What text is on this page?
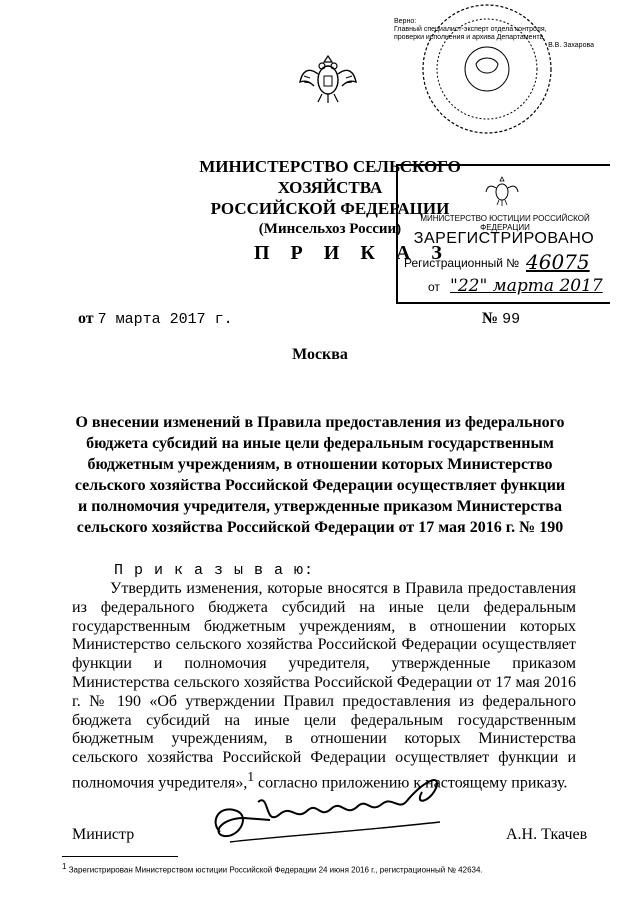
Верно:
Главный специалист-эксперт отдела контроля,
проверки исполнения и архива Департамента
В.В. Захарова
МИНИСТЕРСТВО СЕЛЬСКОГО ХОЗЯЙСТВА
РОССИЙСКОЙ ФЕДЕРАЦИИ
(Минсельхоз России)
МИНИСТЕРСТВО ЮСТИЦИИ РОССИЙСКОЙ ФЕДЕРАЦИИ
ЗАРЕГИСТРИРОВАНО
Регистрационный № 46075
от "22" марта 2017
П Р И К А З
от 7 марта 2017 г.	№ 99
Москва
О внесении изменений в Правила предоставления из федерального бюджета субсидий на иные цели федеральным государственным бюджетным учреждениям, в отношении которых Министерство сельского хозяйства Российской Федерации осуществляет функции и полномочия учредителя, утвержденные приказом Министерства сельского хозяйства Российской Федерации от 17 мая 2016 г. № 190
П р и к а з ы в а ю:
Утвердить изменения, которые вносятся в Правила предоставления из федерального бюджета субсидий на иные цели федеральным государственным бюджетным учреждениям, в отношении которых Министерство сельского хозяйства Российской Федерации осуществляет функции и полномочия учредителя, утвержденные приказом Министерства сельского хозяйства Российской Федерации от 17 мая 2016 г. № 190 «Об утверждении Правил предоставления из федерального бюджета субсидий на иные цели федеральным государственным бюджетным учреждениям, в отношении которых Министерства сельского хозяйства Российской Федерации осуществляет функции и полномочия учредителя»,$^1$ согласно приложению к настоящему приказу.
Министр	А.Н. Ткачев
$^1$ Зарегистрирован Министерством юстиции Российской Федерации 24 июня 2016 г., регистрационный № 42634.
